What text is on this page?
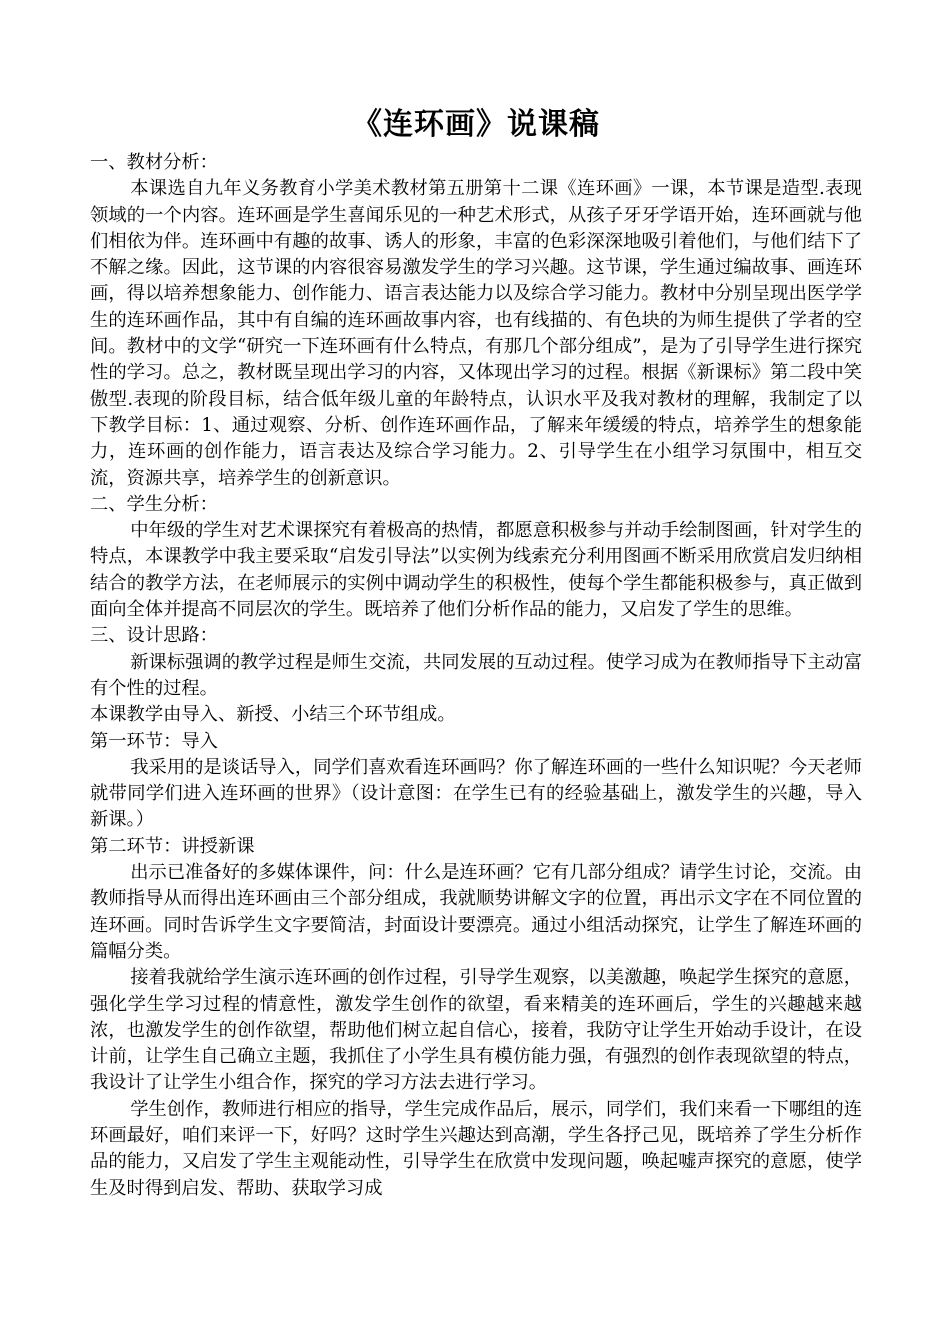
《连环画》说课稿

一、教材分析：

本课选自九年义务教育小学美术教材第五册第十二课《连环画》一课，本节课是造型.表现领域的一个内容。连环画是学生喜闻乐见的一种艺术形式，从孩子牙牙学语开始，连环画就与他们相依为伴。连环画中有趣的故事、诱人的形象，丰富的色彩深深地吸引着他们，与他们结下了不解之缘。因此，这节课的内容很容易激发学生的学习兴趣。这节课，学生通过编故事、画连环画，得以培养想象能力、创作能力、语言表达能力以及综合学习能力。教材中分别呈现出医学学生的连环画作品，其中有自编的连环画故事内容，也有线描的、有色块的为师生提供了学者的空间。教材中的文学“研究一下连环画有什么特点，有那几个部分组成”，是为了引导学生进行探究性的学习。总之，教材既呈现出学习的内容，又体现出学习的过程。根据《新课标》第二段中笑傲型.表现的阶段目标，结合低年级儿童的年龄特点，认识水平及我对教材的理解，我制定了以下教学目标：1、通过观察、分析、创作连环画作品，了解来年缓缓的特点，培养学生的想象能力，连环画的创作能力，语言表达及综合学习能力。2、引导学生在小组学习氛围中，相互交流，资源共享，培养学生的创新意识。

二、学生分析：

中年级的学生对艺术课探究有着极高的热情，都愿意积极参与并动手绘制图画，针对学生的特点，本课教学中我主要采取“启发引导法”以实例为线索充分利用图画不断采用欣赏启发归纳相结合的教学方法，在老师展示的实例中调动学生的积极性，使每个学生都能积极参与，真正做到面向全体并提高不同层次的学生。既培养了他们分析作品的能力，又启发了学生的思维。

三、设计思路：

新课标强调的教学过程是师生交流，共同发展的互动过程。使学习成为在教师指导下主动富有个性的过程。

本课教学由导入、新授、小结三个环节组成。

第一环节：导入

我采用的是谈话导入，同学们喜欢看连环画吗？你了解连环画的一些什么知识呢？今天老师就带同学们进入连环画的世界》（设计意图：在学生已有的经验基础上，激发学生的兴趣，导入新课。）

第二环节：讲授新课

出示已准备好的多媒体课件，问：什么是连环画？它有几部分组成？请学生讨论，交流。由教师指导从而得出连环画由三个部分组成，我就顺势讲解文字的位置，再出示文字在不同位置的连环画。同时告诉学生文字要简洁，封面设计要漂亮。通过小组活动探究，让学生了解连环画的篇幅分类。

接着我就给学生演示连环画的创作过程，引导学生观察，以美激趣，唤起学生探究的意愿，强化学生学习过程的情意性，激发学生创作的欲望，看来精美的连环画后，学生的兴趣越来越浓，也激发学生的创作欲望，帮助他们树立起自信心，接着，我防守让学生开始动手设计，在设计前，让学生自己确立主题，我抓住了小学生具有模仿能力强，有强烈的创作表现欲望的特点，我设计了让学生小组合作，探究的学习方法去进行学习。

学生创作，教师进行相应的指导，学生完成作品后，展示，同学们，我们来看一下哪组的连环画最好，咱们来评一下，好吗？这时学生兴趣达到高潮，学生各抒己见，既培养了学生分析作品的能力，又启发了学生主观能动性，引导学生在欣赏中发现问题，唤起嘘声探究的意愿，使学生及时得到启发、帮助、获取学习成
